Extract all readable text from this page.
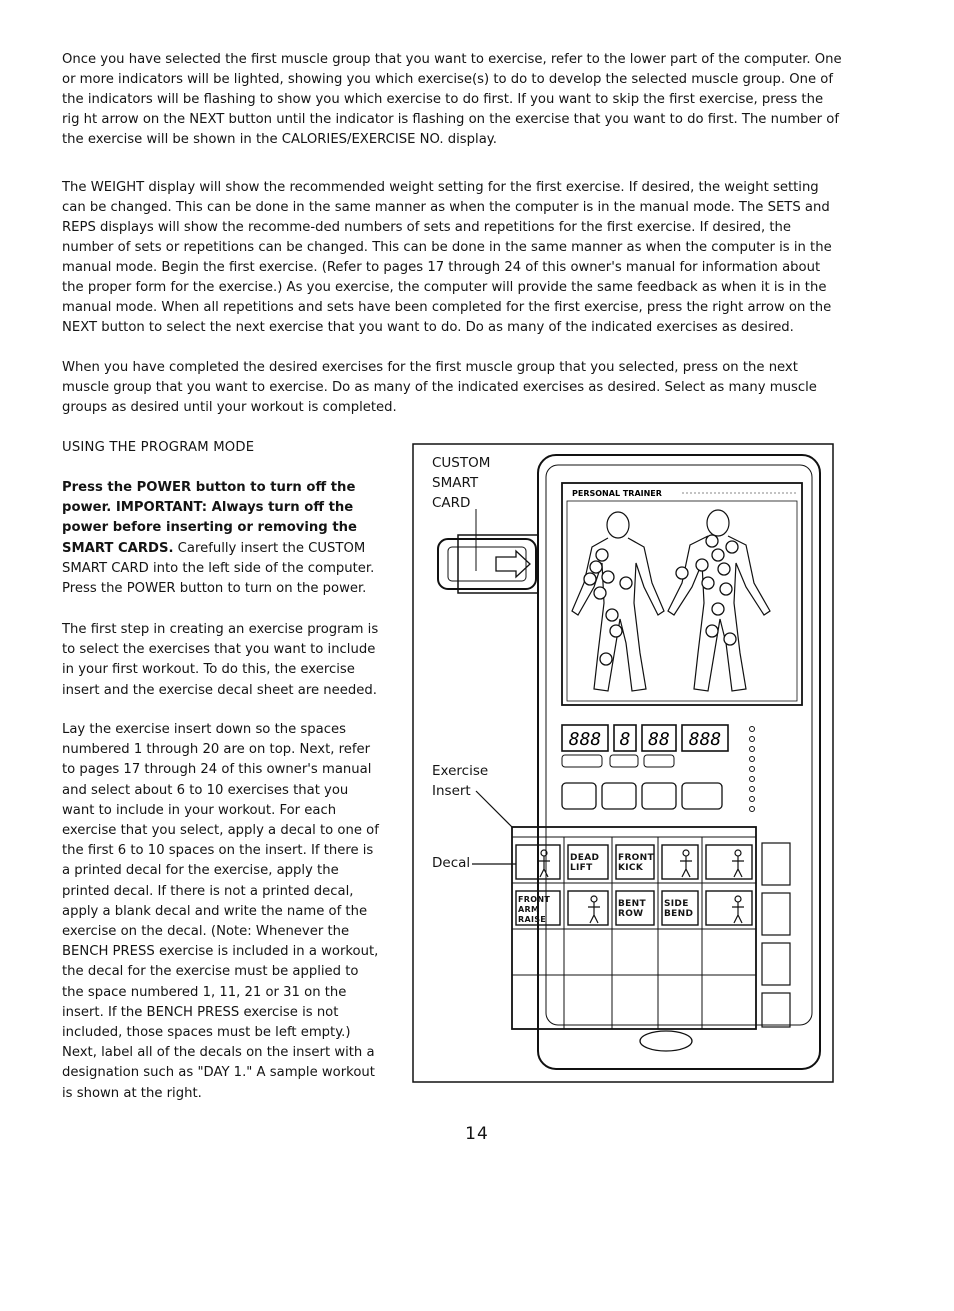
Once you have selected the first muscle group that you want to exercise, refer to the lower part of the computer. One or more indicators will be lighted, showing you which exercise(s) to do to develop the selected muscle group. One of the indicators will be flashing to show you which exercise to do first. If you want to skip the first exercise, press the rig ht arrow on the NEXT button until the indicator is flashing on the exercise that you want to do first. The number of the exercise will be shown in the CALORIES/EXERCISE NO. display.

The WEIGHT display will show the recommended weight setting for the first exercise. If desired, the weight setting can be changed. This can be done in the same manner as when the computer is in the manual mode. The SETS and REPS displays will show the recomme-ded numbers of sets and repetitions for the first exercise. If desired, the number of sets or repetitions can be changed. This can be done in the same manner as when the computer is in the manual mode. Begin the first exercise. (Refer to pages 17 through 24 of this owner's manual for information about the proper form for the exercise.) As you exercise, the computer will provide the same feedback as when it is in the manual mode. When all repetitions and sets have been completed for the first exercise, press the right arrow on the NEXT button to select the next exercise that you want to do. Do as many of the indicated exercises as desired.

When you have completed the desired exercises for the first muscle group that you selected, press on the next muscle group that you want to exercise. Do as many of the indicated exercises as desired. Select as many muscle groups as desired until your workout is completed.

USING THE PROGRAM MODE

Press the POWER button to turn off the power. IMPORTANT: Always turn off the power before inserting or removing the SMART CARDS. Carefully insert the CUSTOM SMART CARD into the left side of the computer. Press the POWER button to turn on the power.

The first step in creating an exercise program is to select the exercises that you want to include in your first workout. To do this, the exercise insert and the exercise decal sheet are needed.

Lay the exercise insert down so the spaces numbered 1 through 20 are on top. Next, refer to pages 17 through 24 of this owner's manual and select about 6 to 10 exercises that you want to include in your workout. For each exercise that you select, apply a decal to one of the first 6 to 10 spaces on the insert. If there is a printed decal for the exercise, apply the printed decal. If there is not a printed decal, apply a blank decal and write the name of the exercise on the decal. (Note: Whenever the BENCH PRESS exercise is included in a workout, the decal for the exercise must be applied to the space numbered 1, 11, 21 or 31 on the insert. If the BENCH PRESS exercise is not included, those spaces must be left empty.) Next, label all of the decals on the insert with a designation such as "DAY 1." A sample workout is shown at the right.

PERSONAL TRAINER
888 8 88 888
CUSTOM SMART CARD
Exercise Insert
Decal	DEAD LIFT
FRONT KICK
FRONT ARM RAISE
BENT ROW
SIDE BEND
14
